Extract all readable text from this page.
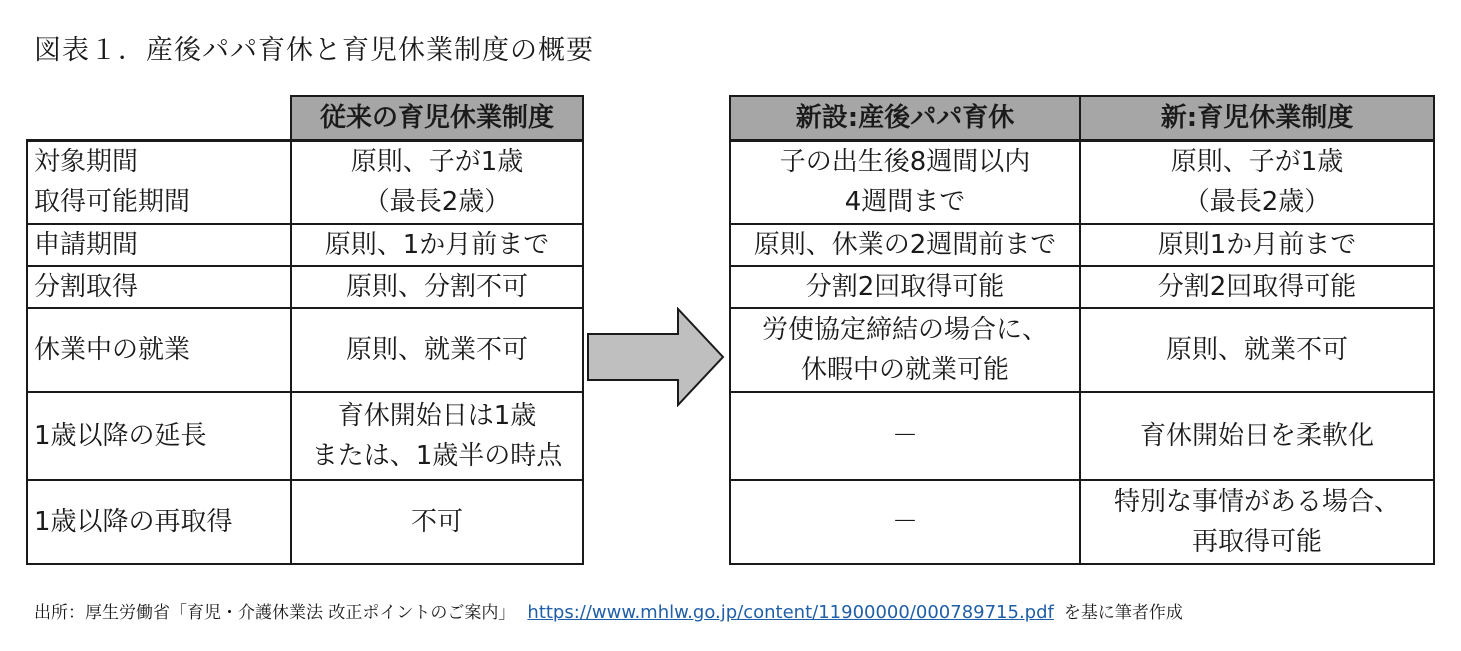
図表１．産後パパ育休と育児休業制度の概要
	従来の育児休業制度

対象期間
取得可能期間	原則、子が1歳
（最長2歳）

申請期間	原則、1か月前まで
分割取得	原則、分割不可
休業中の就業	原則、就業不可
1歳以降の延長	育休開始日は1歳
または、1歳半の時点

1歳以降の再取得	不可
新設:産後パパ育休	新:育児休業制度

子の出生後8週間以内
4週間まで	原則、子が1歳
（最長2歳）

原則、休業の2週間前まで	原則1か月前まで
分割2回取得可能	分割2回取得可能

労使協定締結の場合に、
休暇中の就業可能	原則、就業不可
－	育休開始日を柔軟化
－	特別な事情がある場合、
再取得可能
出所：厚生労働省「育児・介護休業法 改正ポイントのご案内」 https://www.mhlw.go.jp/content/11900000/000789715.pdf を基に筆者作成
